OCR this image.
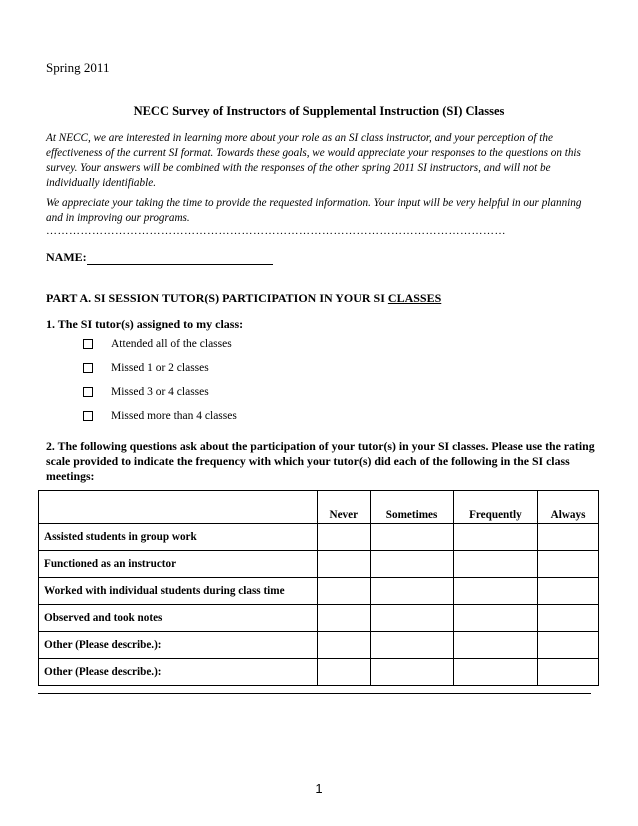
Spring 2011
NECC Survey of Instructors of Supplemental Instruction (SI) Classes
At NECC, we are interested in learning more about your role as an SI class instructor, and your perception of the effectiveness of the current SI format. Towards these goals, we would appreciate your responses to the questions on this survey. Your answers will be combined with the responses of the other spring 2011 SI instructors, and will not be individually identifiable.
We appreciate your taking the time to provide the requested information. Your input will be very helpful in our planning and in improving our programs.
…………………………………………………………………………………………………………
NAME:
PART A. SI SESSION TUTOR(S) PARTICIPATION IN YOUR SI CLASSES
1. The SI tutor(s) assigned to my class:
Attended all of the classes
Missed 1 or 2 classes
Missed 3 or 4 classes
Missed more than 4 classes
2. The following questions ask about the participation of your tutor(s) in your SI classes. Please use the rating scale provided to indicate the frequency with which your tutor(s) did each of the following in the SI class meetings:
	Never	Sometimes	Frequently	Always
Assisted students in group work				
Functioned as an instructor				
Worked with individual students during class time				
Observed and took notes				
Other (Please describe.):				
Other (Please describe.):				
1
